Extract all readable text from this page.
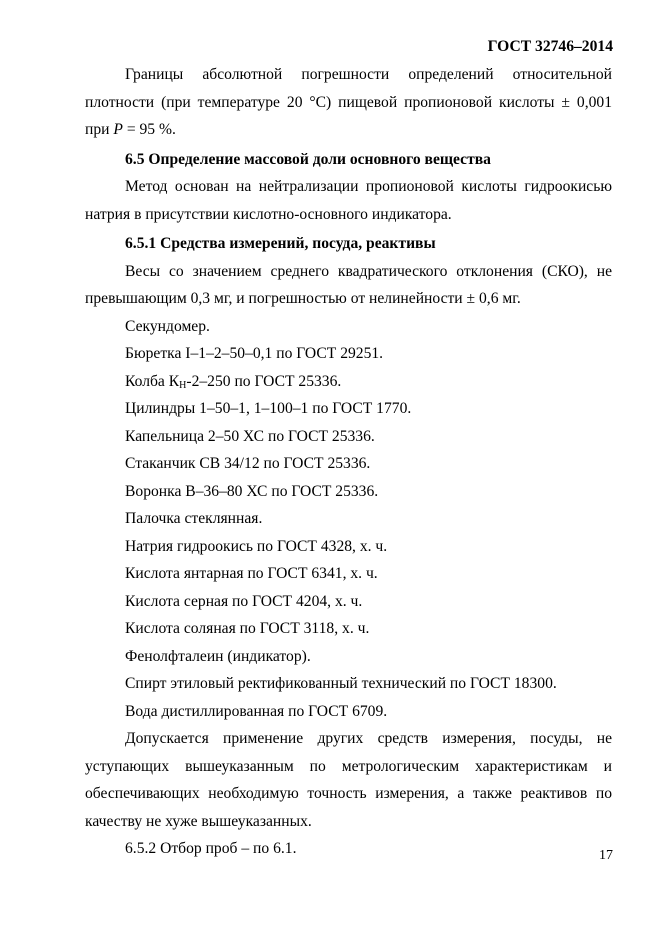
ГОСТ 32746–2014

Границы абсолютной погрешности определений относительной

плотности (при температуре 20 °С) пищевой пропионовой кислоты ± 0,001

при Р = 95 %.

6.5 Определение массовой доли основного вещества

Метод основан на нейтрализации пропионовой кислоты гидроокисью

натрия в присутствии кислотно-основного индикатора.

6.5.1 Средства измерений, посуда, реактивы

Весы со значением среднего квадратического отклонения (СКО), не

превышающим 0,3 мг, и погрешностью от нелинейности ± 0,6 мг.

Секундомер.

Бюретка I–1–2–50–0,1 по ГОСТ 29251.

Колба $К_Н-2-250$ по ГОСТ 25336.

Цилиндры 1–50–1, 1–100–1 по ГОСТ 1770.

Капельница 2–50 ХС по ГОСТ 25336.

Стаканчик СВ 34/12 по ГОСТ 25336.

Воронка В–36–80 ХС по ГОСТ 25336.

Палочка стеклянная.

Натрия гидроокись по ГОСТ 4328, х. ч.

Кислота янтарная по ГОСТ 6341, х. ч.

Кислота серная по ГОСТ 4204, х. ч.

Кислота соляная по ГОСТ 3118, х. ч.

Фенолфталеин (индикатор).

Спирт этиловый ректификованный технический по ГОСТ 18300.

Вода дистиллированная по ГОСТ 6709.

Допускается применение других средств измерения, посуды, не

уступающих вышеуказанным по метрологическим характеристикам и

обеспечивающих необходимую точность измерения, а также реактивов по

качеству не хуже вышеуказанных.

6.5.2 Отбор проб – по 6.1.	17
